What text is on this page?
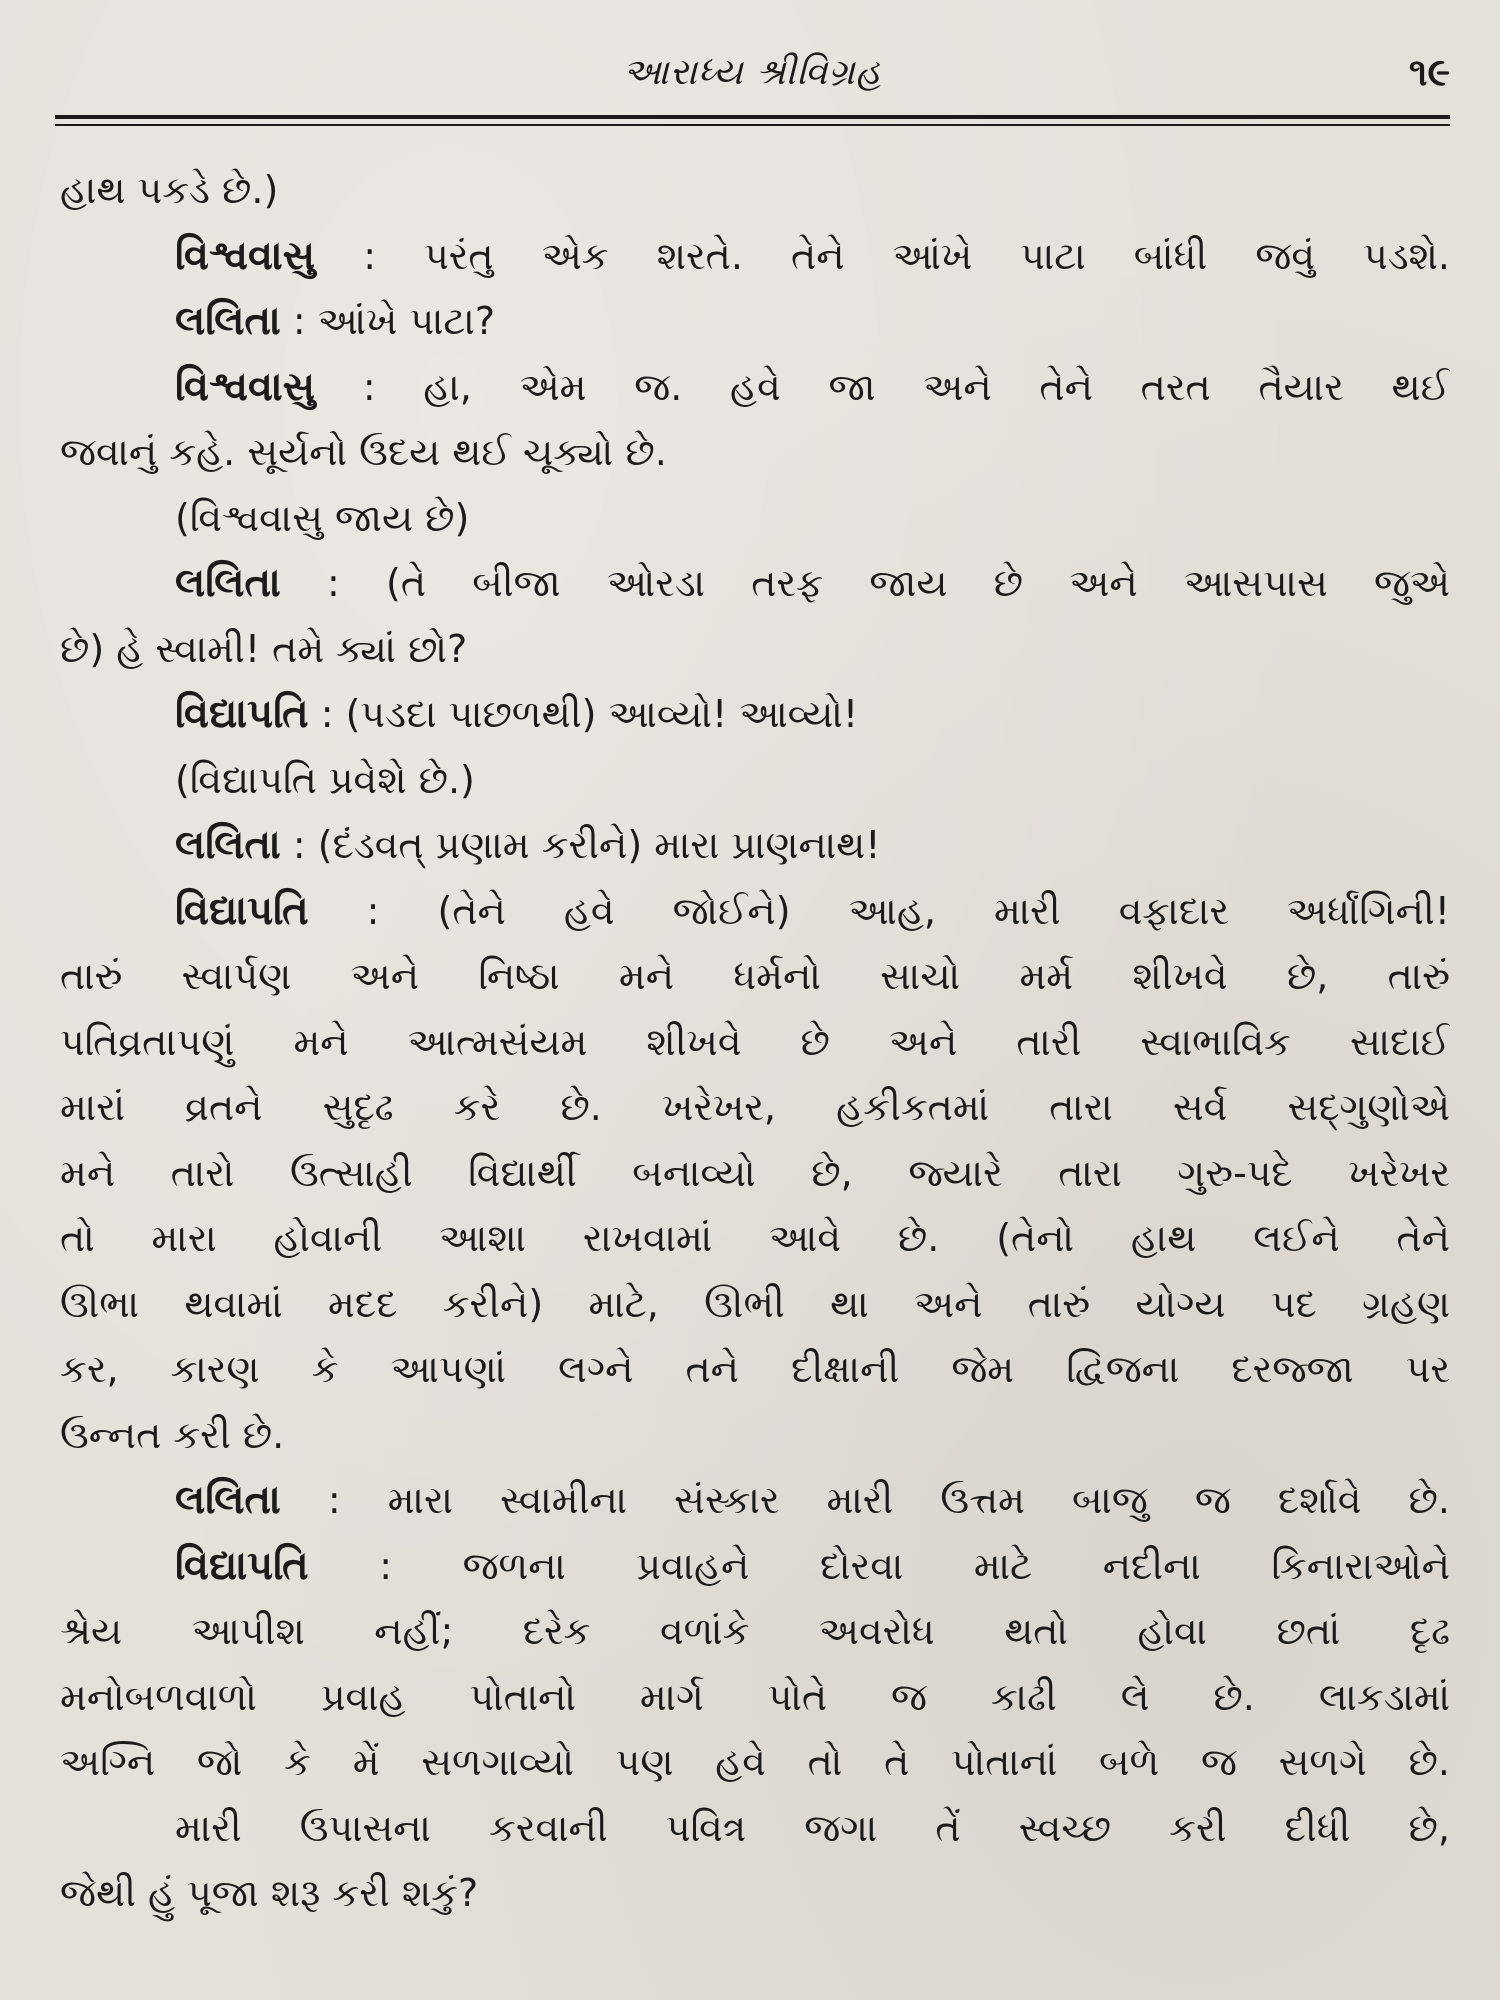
આરાધ્ય શ્રીવિગ્રહ	૧૯
હાથ પકડે છે.)
વિશ્વવાસુ : પરંતુ એક શરતે. તેને આંખે પાટા બાંધી જવું પડશે.
લલિતા : આંખે પાટા?
વિશ્વવાસુ : હા, એમ જ. હવે જા અને તેને તરત તૈયાર થઈ
જવાનું કહે. સૂર્યનો ઉદય થઈ ચૂક્યો છે.
(વિશ્વવાસુ જાય છે)
લલિતા : (તે બીજા ઓરડા તરફ જાય છે અને આસપાસ જુએ
છે) હે સ્વામી! તમે ક્યાં છો?
વિદ્યાપતિ : (પડદા પાછળથી) આવ્યો! આવ્યો!
(વિદ્યાપતિ પ્રવેશે છે.)
લલિતા : (દંડવત્ પ્રણામ કરીને) મારા પ્રાણનાથ!
વિદ્યાપતિ : (તેને હવે જોઈને) આહ, મારી વફાદાર અર્ધાંગિની!
તારું સ્વાર્પણ અને નિષ્ઠા મને ધર્મનો સાચો મર્મ શીખવે છે, તારું
પતિવ્રતાપણું મને આત્મસંયમ શીખવે છે અને તારી સ્વાભાવિક સાદાઈ
મારાં વ્રતને સુદૃઢ કરે છે. ખરેખર, હકીકતમાં તારા સર્વ સદ્ગુણોએ
મને તારો ઉત્સાહી વિદ્યાર્થી બનાવ્યો છે, જ્યારે તારા ગુરુ-પદે ખરેખર
તો મારા હોવાની આશા રાખવામાં આવે છે. (તેનો હાથ લઈને તેને
ઊભા થવામાં મદદ કરીને) માટે, ઊભી થા અને તારું યોગ્ય પદ ગ્રહણ
કર, કારણ કે આપણાં લગ્ને તને દીક્ષાની જેમ દ્વિજના દરજ્જા પર
ઉન્નત કરી છે.
લલિતા : મારા સ્વામીના સંસ્કાર મારી ઉત્તમ બાજુ જ દર્શાવે છે.
વિદ્યાપતિ : જળના પ્રવાહને દોરવા માટે નદીના કિનારાઓને
શ્રેય આપીશ નહીં; દરેક વળાંકે અવરોધ થતો હોવા છતાં દૃઢ
મનોબળવાળો પ્રવાહ પોતાનો માર્ગ પોતે જ કાઢી લે છે. લાકડામાં
અગ્નિ જો કે મેં સળગાવ્યો પણ હવે તો તે પોતાનાં બળે જ સળગે છે.
મારી ઉપાસના કરવાની પવિત્ર જગા તેં સ્વચ્છ કરી દીધી છે,
જેથી હું પૂજા શરૂ કરી શકું?
